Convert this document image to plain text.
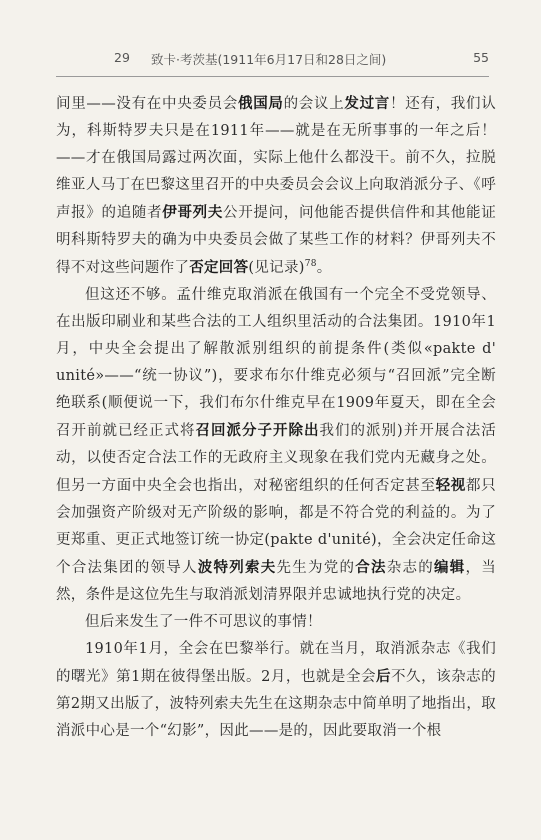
29 致卡·考茨基(1911年6月17日和28日之间)	55

间里——没有在中央委员会俄国局的会议上发过言！还有，我们认为，科斯特罗夫只是在1911年——就是在无所事事的一年之后！——才在俄国局露过两次面，实际上他什么都没干。前不久，拉脱维亚人马丁在巴黎这里召开的中央委员会会议上向取消派分子、《呼声报》的追随者伊哥列夫公开提问，问他能否提供信件和其他能证明科斯特罗夫的确为中央委员会做了某些工作的材料？伊哥列夫不得不对这些问题作了否定回答(见记录)$^{78}$。

但这还不够。孟什维克取消派在俄国有一个完全不受党领导、在出版印刷业和某些合法的工人组织里活动的合法集团。1910年1月，中央全会提出了解散派别组织的前提条件(类似«pakte d' unité»——“统一协议”)，要求布尔什维克必须与“召回派”完全断绝联系(顺便说一下，我们布尔什维克早在1909年夏天，即在全会召开前就已经正式将召回派分子开除出我们的派别)并开展合法活动，以使否定合法工作的无政府主义现象在我们党内无藏身之处。但另一方面中央全会也指出，对秘密组织的任何否定甚至轻视都只会加强资产阶级对无产阶级的影响，都是不符合党的利益的。为了更郑重、更正式地签订统一协定(pakte d'unité)，全会决定任命这个合法集团的领导人波特列索夫先生为党的合法杂志的编辑，当然，条件是这位先生与取消派划清界限并忠诚地执行党的决定。

但后来发生了一件不可思议的事情！

1910年1月，全会在巴黎举行。就在当月，取消派杂志《我们的曙光》第1期在彼得堡出版。2月，也就是全会后不久，该杂志的第2期又出版了，波特列索夫先生在这期杂志中简单明了地指出，取消派中心是一个“幻影”，因此——是的，因此要取消一个根
